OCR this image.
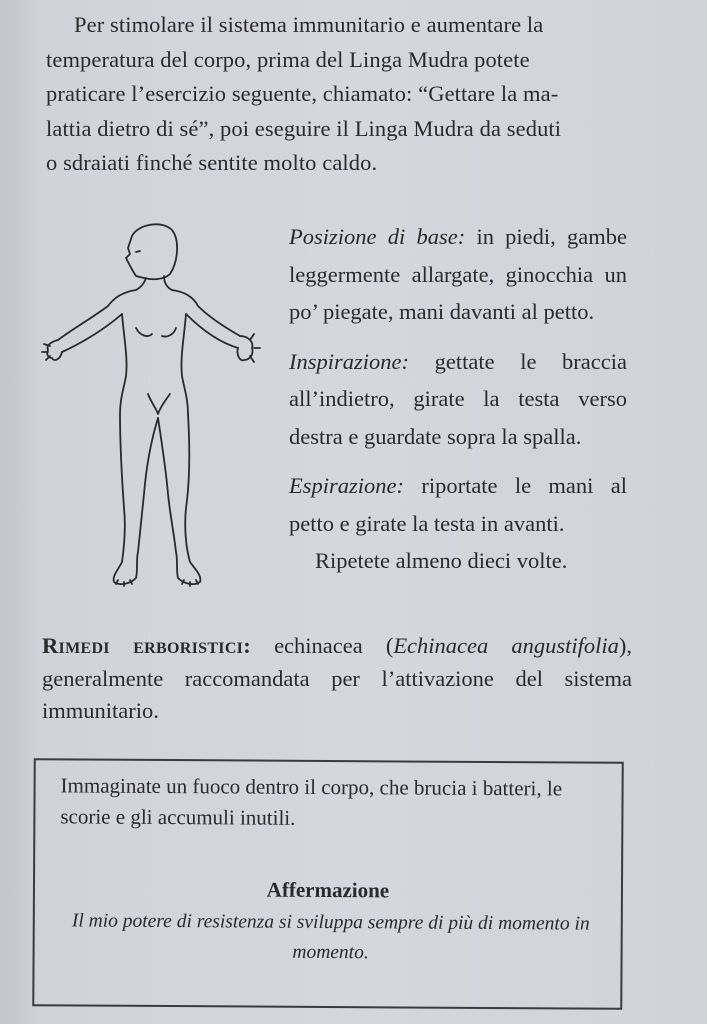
Per stimolare il sistema immunitario e aumentare la
temperatura del corpo, prima del Linga Mudra potete
praticare l’esercizio seguente, chiamato: “Gettare la ma-
lattia dietro di sé”, poi eseguire il Linga Mudra da seduti
o sdraiati finché sentite molto caldo.

Posizione di base: in piedi, gambe leggermente allargate, ginocchia un po’ piegate, mani davanti al petto.

Inspirazione: gettate le braccia all’indietro, girate la testa verso destra e guardate sopra la spalla.

Espirazione: riportate le mani al petto e girate la testa in avanti.

Ripetete almeno dieci volte.

Rimedi erboristici: echinacea (Echinacea angustifolia), generalmente raccomandata per l’attivazione del sistema immunitario.
Immaginate un fuoco dentro il corpo, che brucia i batteri, le scorie e gli accumuli inutili.
Affermazione
Il mio potere di resistenza si sviluppa sempre di più di momento in momento.
